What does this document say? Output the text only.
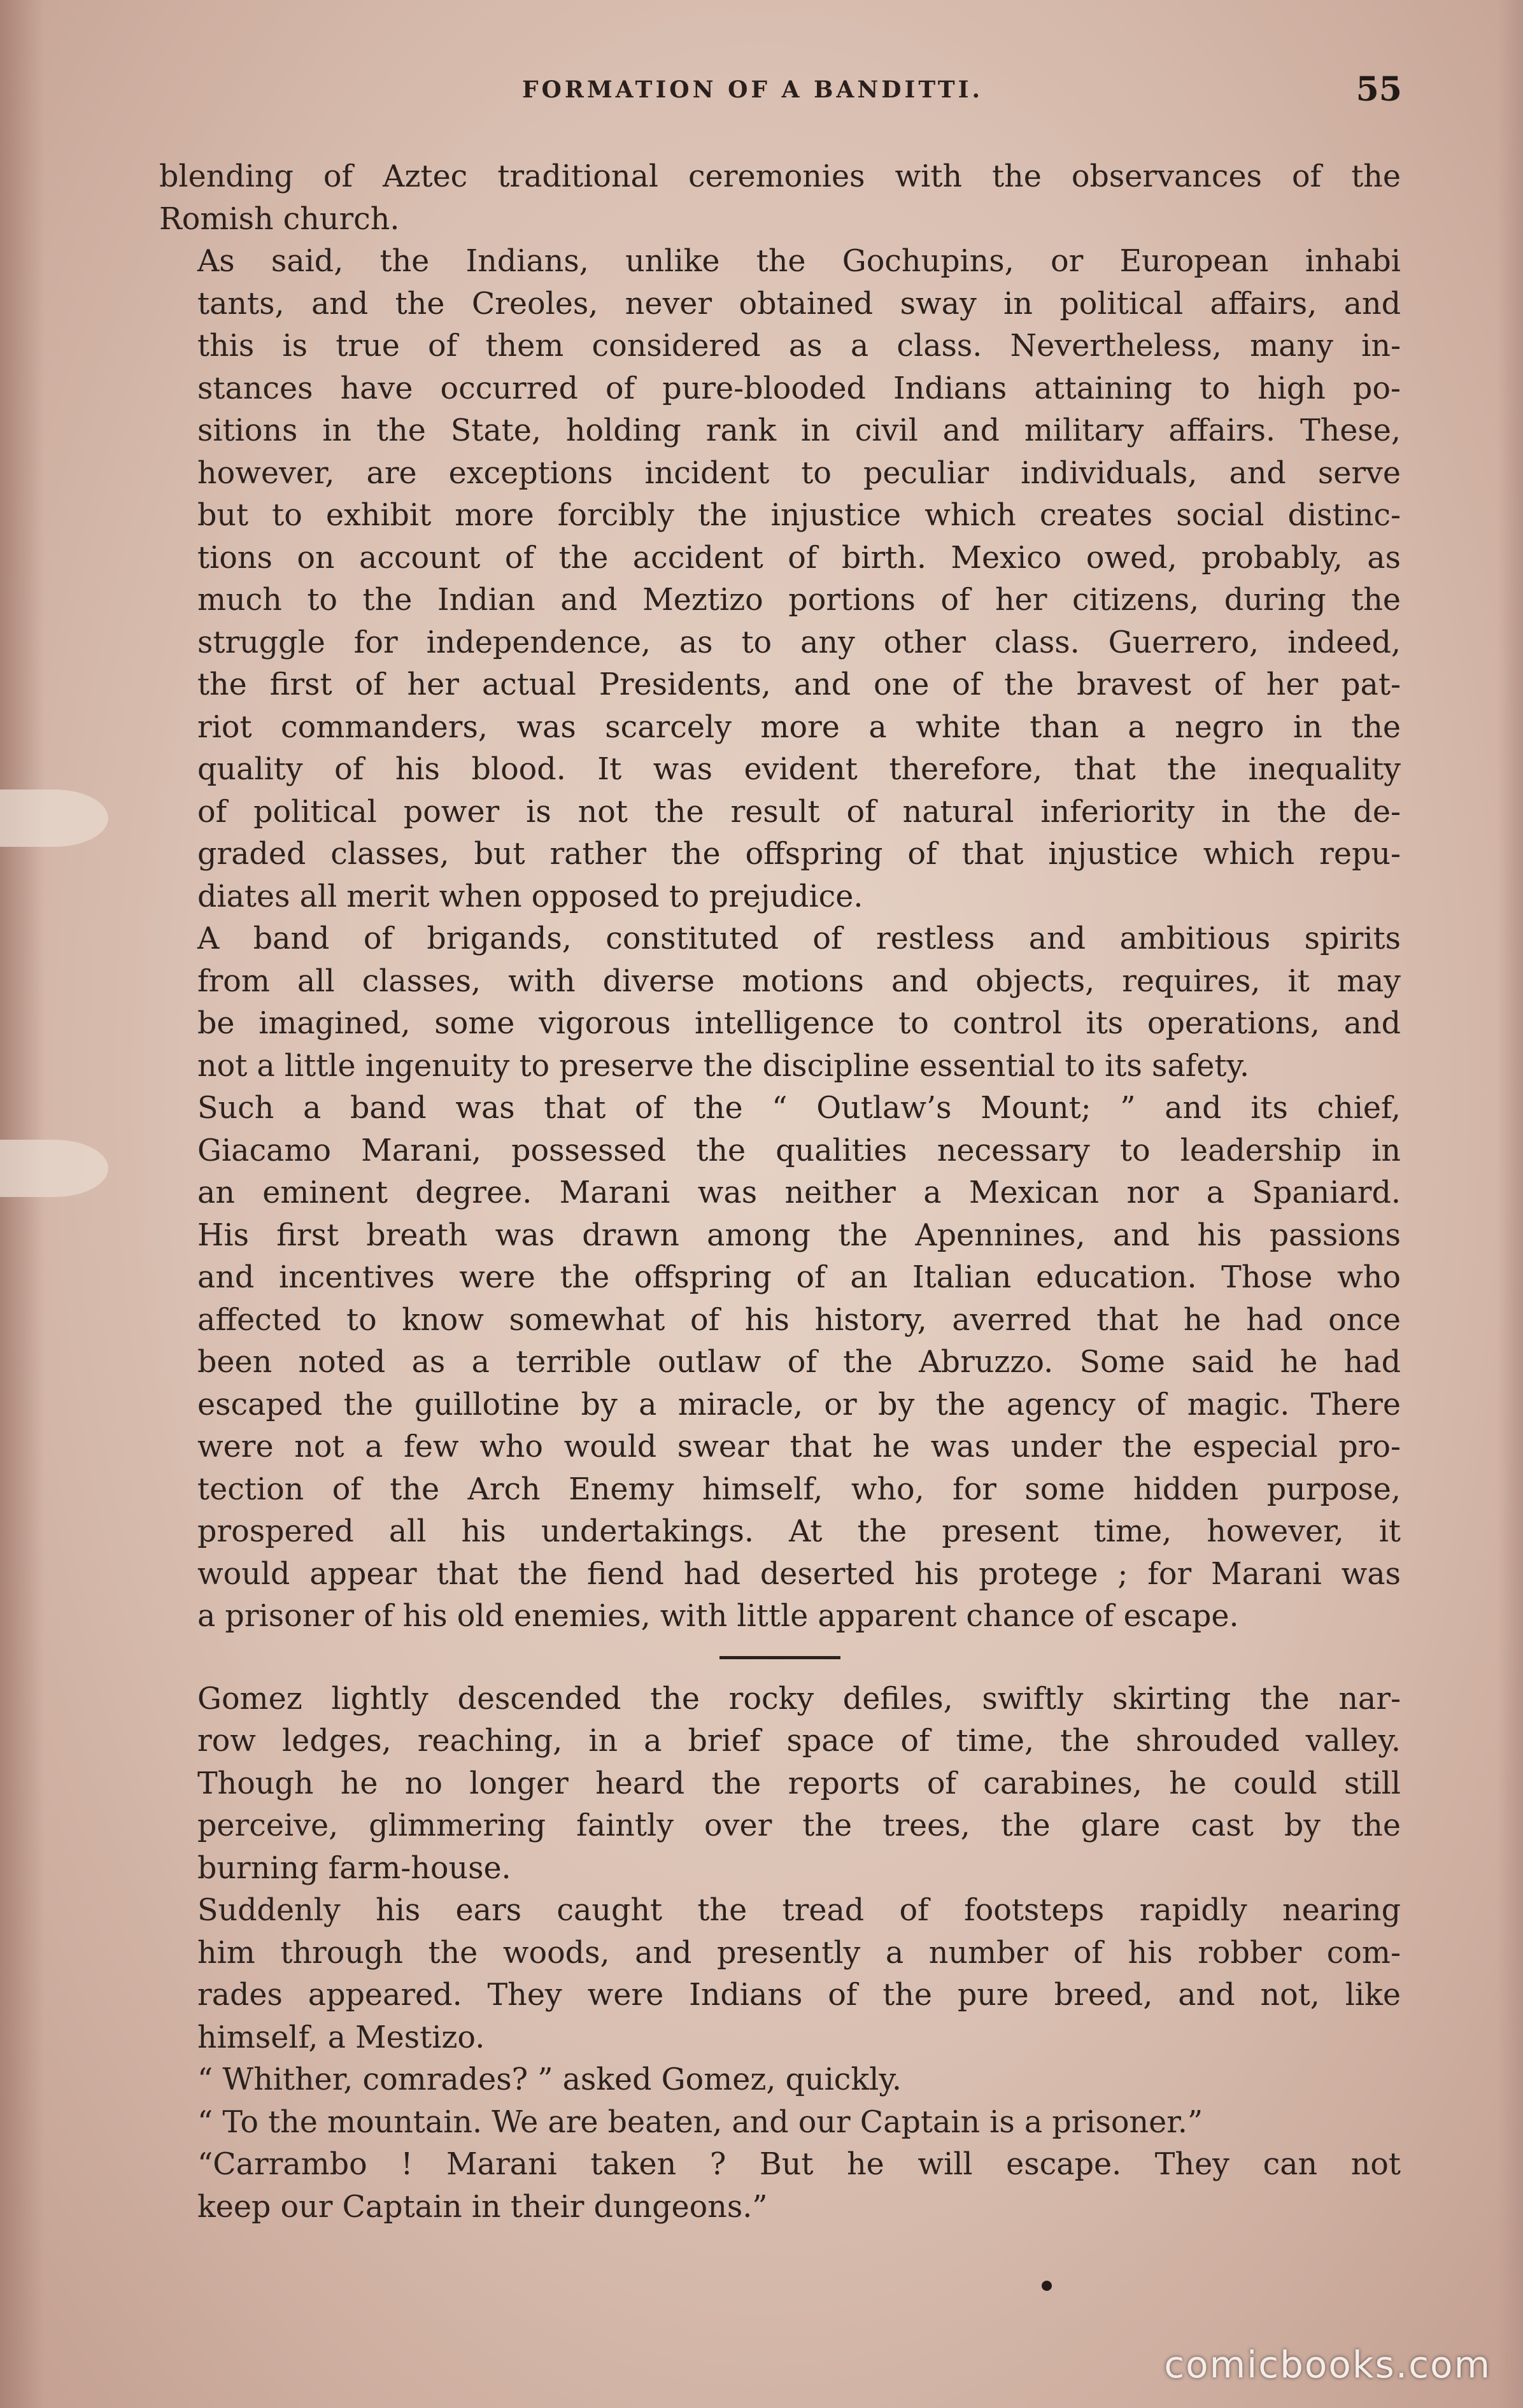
FORMATION OF A BANDITTI.	55

blending of Aztec traditional ceremonies with the observances of the
Romish church.

As said, the Indians, unlike the Gochupins, or European inhabi
tants, and the Creoles, never obtained sway in political affairs, and
this is true of them considered as a class. Nevertheless, many in-
stances have occurred of pure-blooded Indians attaining to high po-
sitions in the State, holding rank in civil and military affairs. These,
however, are exceptions incident to peculiar individuals, and serve
but to exhibit more forcibly the injustice which creates social distinc-
tions on account of the accident of birth. Mexico owed, probably, as
much to the Indian and Meztizo portions of her citizens, during the
struggle for independence, as to any other class. Guerrero, indeed,
the first of her actual Presidents, and one of the bravest of her pat-
riot commanders, was scarcely more a white than a negro in the
quality of his blood. It was evident therefore, that the inequality
of political power is not the result of natural inferiority in the de-
graded classes, but rather the offspring of that injustice which repu-
diates all merit when opposed to prejudice.

A band of brigands, constituted of restless and ambitious spirits
from all classes, with diverse motions and objects, requires, it may
be imagined, some vigorous intelligence to control its operations, and
not a little ingenuity to preserve the discipline essential to its safety.

Such a band was that of the “ Outlaw’s Mount; ” and its chief,
Giacamo Marani, possessed the qualities necessary to leadership in
an eminent degree. Marani was neither a Mexican nor a Spaniard.
His first breath was drawn among the Apennines, and his passions
and incentives were the offspring of an Italian education. Those who
affected to know somewhat of his history, averred that he had once
been noted as a terrible outlaw of the Abruzzo. Some said he had
escaped the guillotine by a miracle, or by the agency of magic. There
were not a few who would swear that he was under the especial pro-
tection of the Arch Enemy himself, who, for some hidden purpose,
prospered all his undertakings. At the present time, however, it
would appear that the fiend had deserted his protege ; for Marani was
a prisoner of his old enemies, with little apparent chance of escape.

Gomez lightly descended the rocky defiles, swiftly skirting the nar-
row ledges, reaching, in a brief space of time, the shrouded valley.
Though he no longer heard the reports of carabines, he could still
perceive, glimmering faintly over the trees, the glare cast by the
burning farm-house.

Suddenly his ears caught the tread of footsteps rapidly nearing
him through the woods, and presently a number of his robber com-
rades appeared. They were Indians of the pure breed, and not, like
himself, a Mestizo.

“ Whither, comrades? ” asked Gomez, quickly.

“ To the mountain. We are beaten, and our Captain is a prisoner.”

“Carrambo ! Marani taken ? But he will escape. They can not
keep our Captain in their dungeons.”

comicbooks.com
